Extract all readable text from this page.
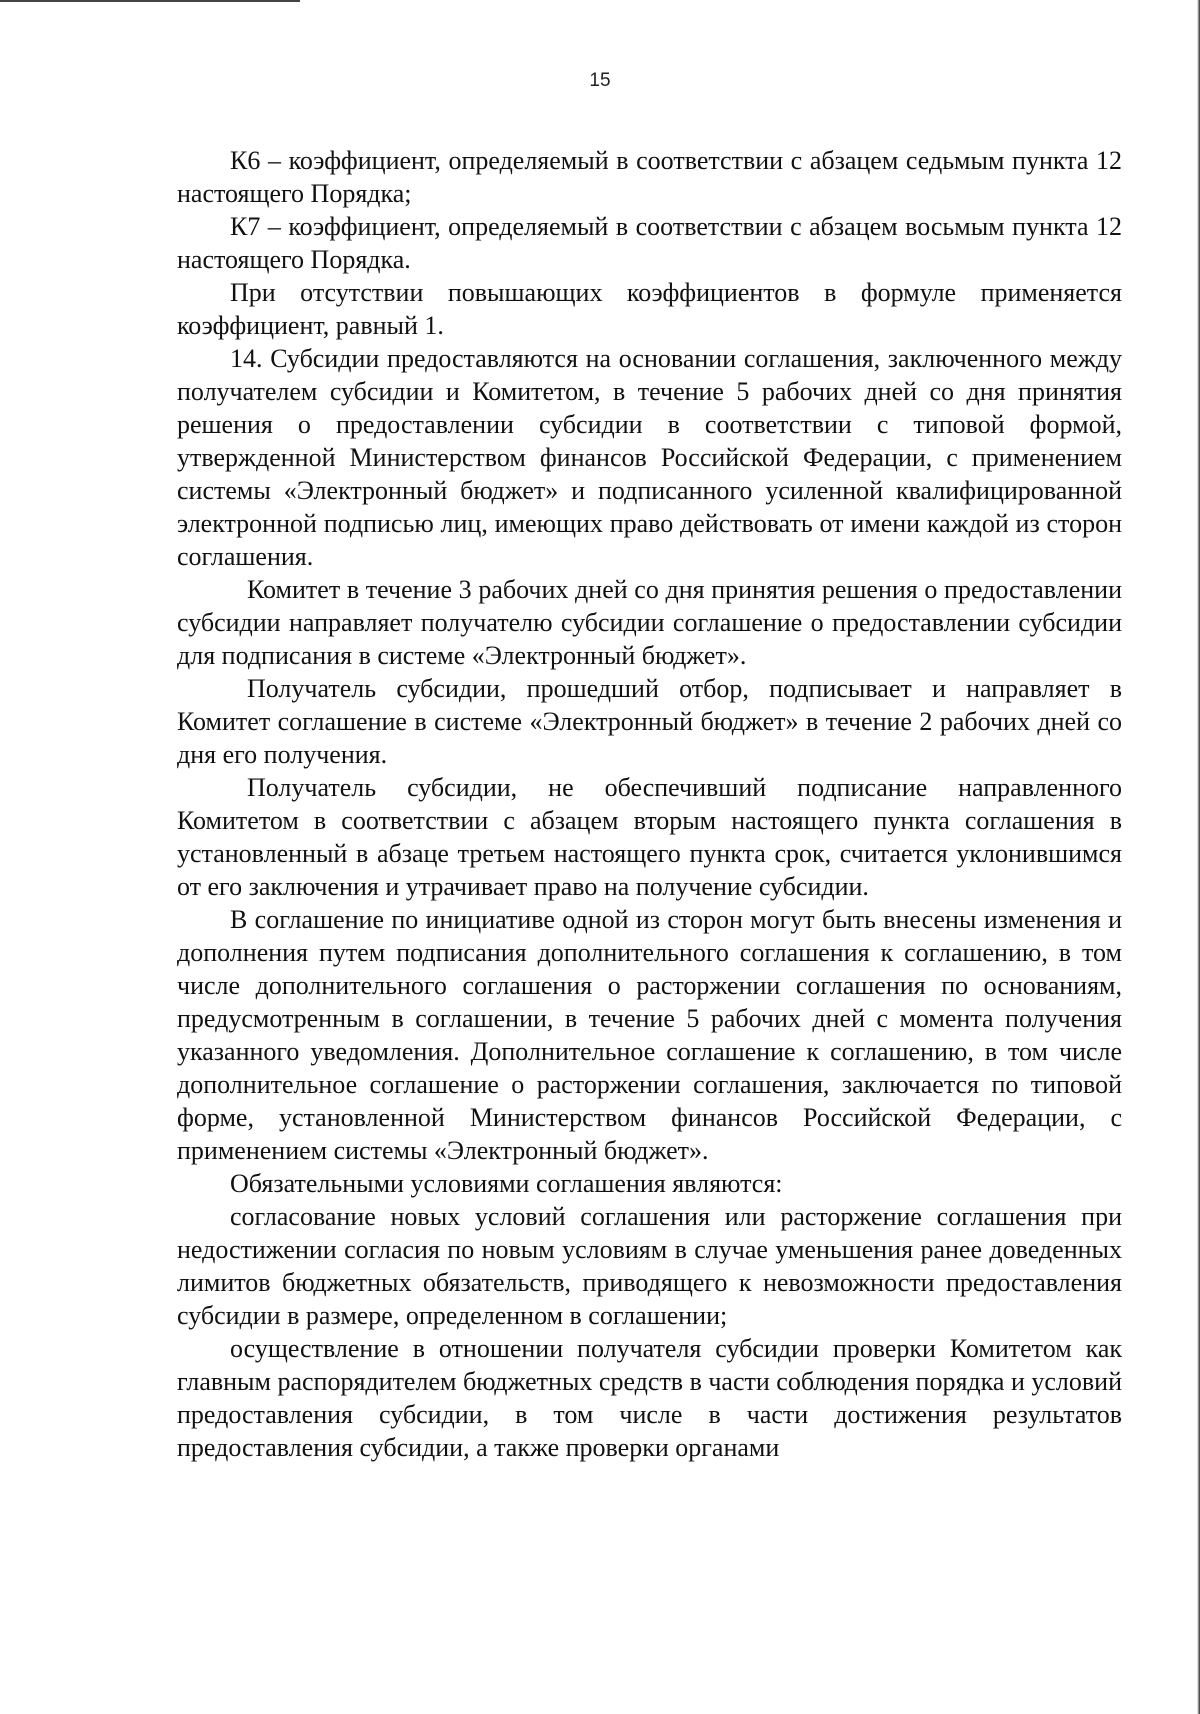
15

К6 – коэффициент, определяемый в соответствии с абзацем седьмым пункта 12 настоящего Порядка;

К7 – коэффициент, определяемый в соответствии с абзацем восьмым пункта 12 настоящего Порядка.

При отсутствии повышающих коэффициентов в формуле применяется коэффициент, равный 1.

14. Субсидии предоставляются на основании соглашения, заключенного между получателем субсидии и Комитетом, в течение 5 рабочих дней со дня принятия решения о предоставлении субсидии в соответствии с типовой формой, утвержденной Министерством финансов Российской Федерации, с применением системы «Электронный бюджет» и подписанного усиленной квалифицированной электронной подписью лиц, имеющих право действовать от имени каждой из сторон соглашения.

Комитет в течение 3 рабочих дней со дня принятия решения о предоставлении субсидии направляет получателю субсидии соглашение о предоставлении субсидии для подписания в системе «Электронный бюджет».

Получатель субсидии, прошедший отбор, подписывает и направляет в Комитет соглашение в системе «Электронный бюджет» в течение 2 рабочих дней со дня его получения.

Получатель субсидии, не обеспечивший подписание направленного Комитетом в соответствии с абзацем вторым настоящего пункта соглашения в установленный в абзаце третьем настоящего пункта срок, считается уклонившимся от его заключения и утрачивает право на получение субсидии.

В соглашение по инициативе одной из сторон могут быть внесены изменения и дополнения путем подписания дополнительного соглашения к соглашению, в том числе дополнительного соглашения о расторжении соглашения по основаниям, предусмотренным в соглашении, в течение 5 рабочих дней с момента получения указанного уведомления. Дополнительное соглашение к соглашению, в том числе дополнительное соглашение о расторжении соглашения, заключается по типовой форме, установленной Министерством финансов Российской Федерации, с применением системы «Электронный бюджет».

Обязательными условиями соглашения являются:

согласование новых условий соглашения или расторжение соглашения при недостижении согласия по новым условиям в случае уменьшения ранее доведенных лимитов бюджетных обязательств, приводящего к невозможности предоставления субсидии в размере, определенном в соглашении;

осуществление в отношении получателя субсидии проверки Комитетом как главным распорядителем бюджетных средств в части соблюдения порядка и условий предоставления субсидии, в том числе в части достижения результатов предоставления субсидии, а также проверки органами
